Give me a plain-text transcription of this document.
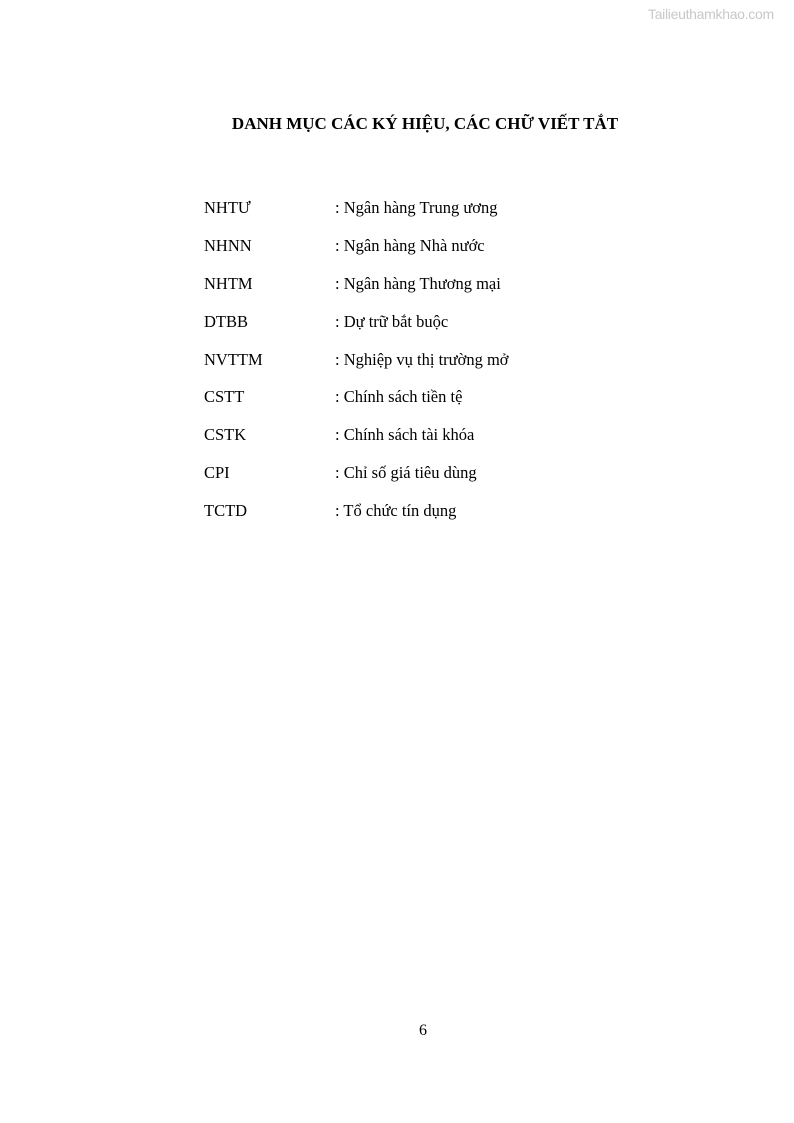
Tailieuthamkhao.com
DANH MỤC CÁC KÝ HIỆU, CÁC CHỮ VIẾT TẮT
NHTƯ	: Ngân hàng Trung ương
NHNN	: Ngân hàng Nhà nước
NHTM	: Ngân hàng Thương mại
DTBB	: Dự trữ bắt buộc
NVTTM	: Nghiệp vụ thị trường mở
CSTT	: Chính sách tiền tệ
CSTK	: Chính sách tài khóa
CPI	: Chỉ số giá tiêu dùng
TCTD	: Tổ chức tín dụng
6
